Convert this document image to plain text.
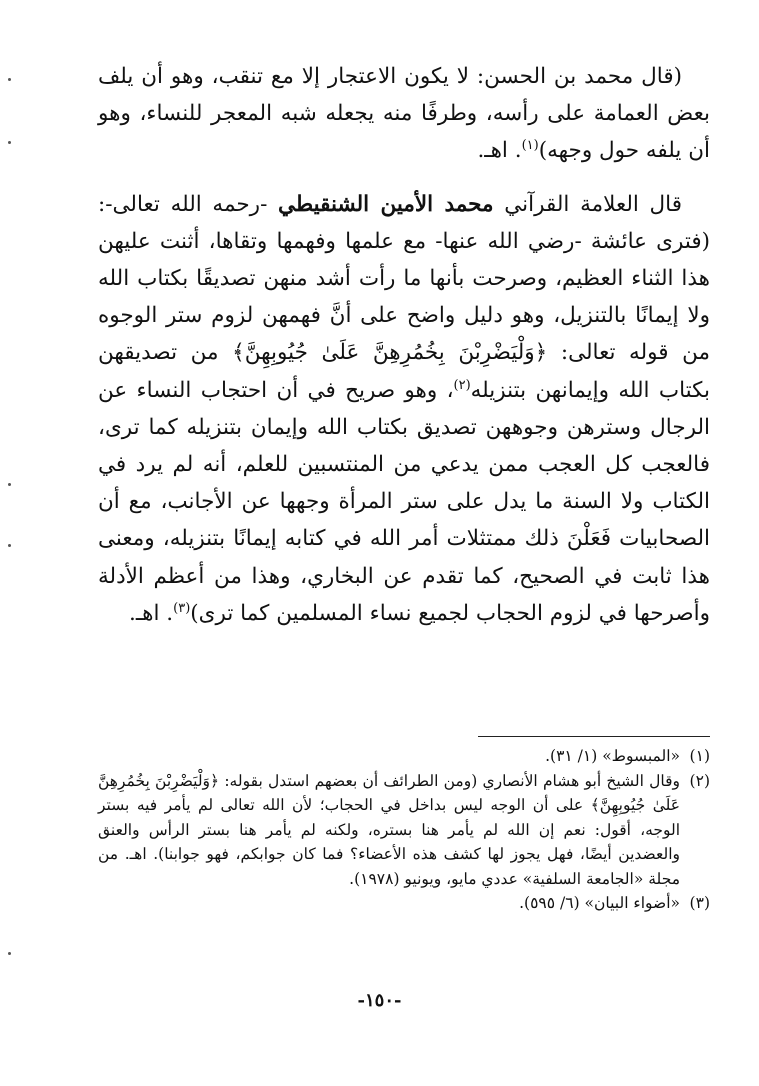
(قال محمد بن الحسن: لا يكون الاعتجار إلا مع تنقب، وهو أن يلف بعض العمامة على رأسه، وطرفًا منه يجعله شبه المعجر للنساء، وهو أن يلفه حول وجهه)$^{(١)}$. اهـ.

قال العلامة القرآني محمد الأمين الشنقيطي -رحمه الله تعالى-: (فترى عائشة -رضي الله عنها- مع علمها وفهمها وتقاها، أثنت عليهن هذا الثناء العظيم، وصرحت بأنها ما رأت أشد منهن تصديقًا بكتاب الله ولا إيمانًا بالتنزيل، وهو دليل واضح على أنَّ فهمهن لزوم ستر الوجوه من قوله تعالى: ﴿وَلْيَضْرِبْنَ بِخُمُرِهِنَّ عَلَىٰ جُيُوبِهِنَّ﴾ من تصديقهن بكتاب الله وإيمانهن بتنزيله$^{(٢)}$، وهو صريح في أن احتجاب النساء عن الرجال وسترهن وجوههن تصديق بكتاب الله وإيمان بتنزيله كما ترى، فالعجب كل العجب ممن يدعي من المنتسبين للعلم، أنه لم يرد في الكتاب ولا السنة ما يدل على ستر المرأة وجهها عن الأجانب، مع أن الصحابيات فَعَلْنَ ذلك ممتثلات أمر الله في كتابه إيمانًا بتنزيله، ومعنى هذا ثابت في الصحيح، كما تقدم عن البخاري، وهذا من أعظم الأدلة وأصرحها في لزوم الحجاب لجميع نساء المسلمين كما ترى)$^{(٣)}$. اهـ.

(١)
«المبسوط» (١/ ٣١).
(٢)
وقال الشيخ أبو هشام الأنصاري (ومن الطرائف أن بعضهم استدل بقوله: ﴿وَلْيَضْرِبْنَ بِخُمُرِهِنَّ عَلَىٰ جُيُوبِهِنَّ﴾ على أن الوجه ليس بداخل في الحجاب؛ لأن الله تعالى لم يأمر فيه بستر الوجه، أقول: نعم إن الله لم يأمر هنا بستره، ولكنه لم يأمر هنا بستر الرأس والعنق والعضدين أيضًا، فهل يجوز لها كشف هذه الأعضاء؟ فما كان جوابكم، فهو جوابنا). اهـ. من مجلة «الجامعة السلفية» عددي مايو، ويونيو (١٩٧٨).
(٣)
«أضواء البيان» (٦/ ٥٩٥).
-١٥٠-
